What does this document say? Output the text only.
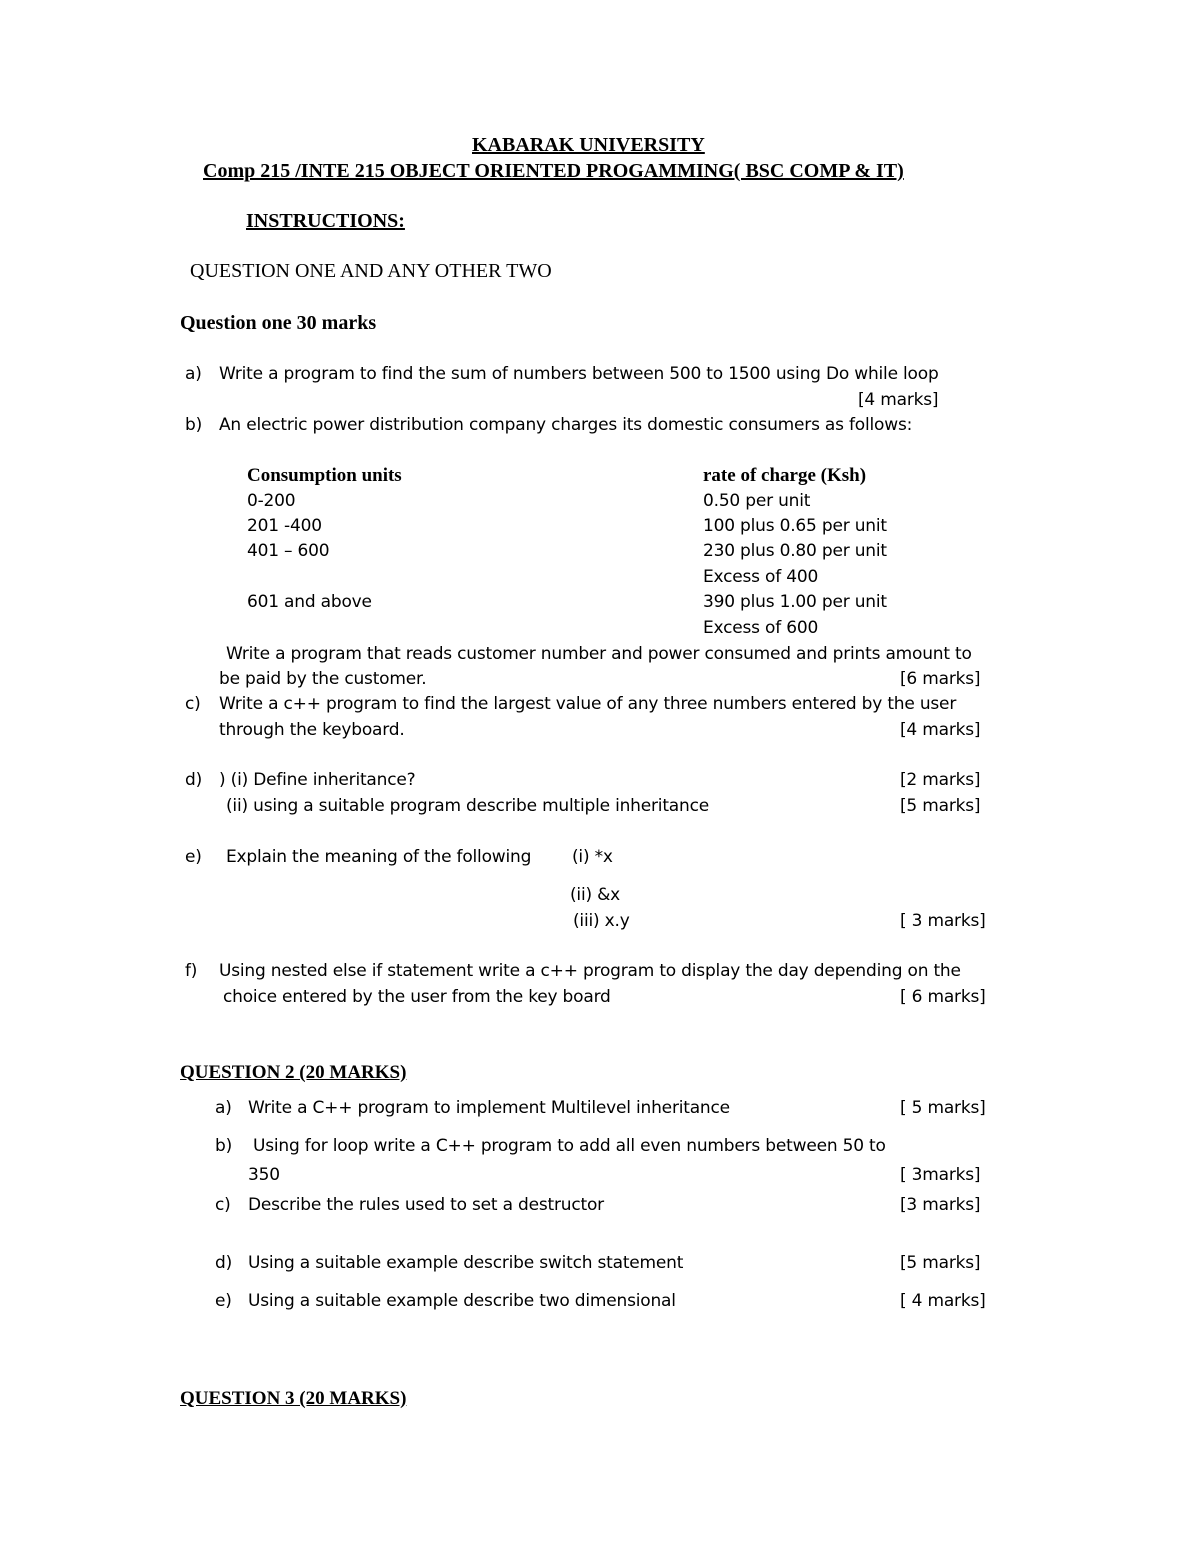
KABARAK UNIVERSITY
Comp 215 /INTE 215 OBJECT ORIENTED PROGAMMING( BSC COMP & IT)
INSTRUCTIONS:
QUESTION ONE AND ANY OTHER TWO
Question one 30 marks
a) Write a program to find the sum of numbers between 500 to 1500 using Do while loop
[4 marks]
b) An electric power distribution company charges its domestic consumers as follows:
Consumption units	rate of charge (Ksh)
0-200	0.50 per unit
201 -400	100 plus 0.65 per unit
401 – 600	230 plus 0.80 per unit
Excess of 400
601 and above	390 plus 1.00 per unit
Excess of 600
Write a program that reads customer number and power consumed and prints amount to
be paid by the customer.	[6 marks]
c) Write a c++ program to find the largest value of any three numbers entered by the user
through the keyboard.	[4 marks]
d) ) (i) Define inheritance?	[2 marks]
(ii) using a suitable program describe multiple inheritance	[5 marks]
e) Explain the meaning of the following (i) *x
(ii) &x
(iii) x.y	[ 3 marks]
f) Using nested else if statement write a c++ program to display the day depending on the
choice entered by the user from the key board	[ 6 marks]
QUESTION 2 (20 MARKS)
a) Write a C++ program to implement Multilevel inheritance	[ 5 marks]
b) Using for loop write a C++ program to add all even numbers between 50 to
350	[ 3marks]
c) Describe the rules used to set a destructor	[3 marks]
d) Using a suitable example describe switch statement	[5 marks]
e) Using a suitable example describe two dimensional	[ 4 marks]
QUESTION 3 (20 MARKS)
